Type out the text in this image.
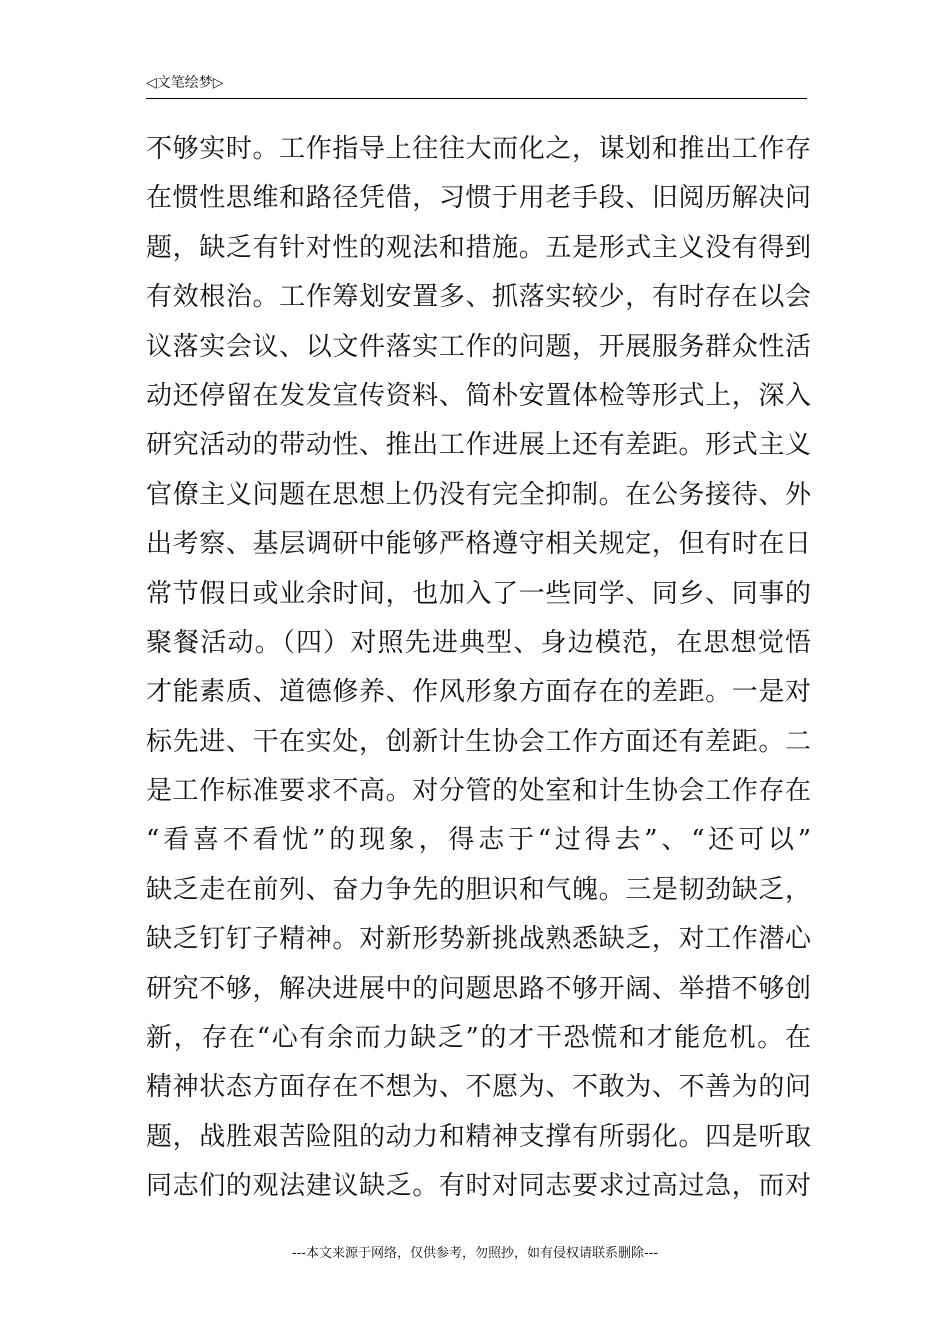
◁文笔绘梦▷
不够实时。工作指导上往往大而化之，谋划和推出工作存
在惯性思维和路径凭借，习惯于用老手段、旧阅历解决问
题，缺乏有针对性的观法和措施。五是形式主义没有得到
有效根治。工作筹划安置多、抓落实较少，有时存在以会
议落实会议、以文件落实工作的问题，开展服务群众性活
动还停留在发发宣传资料、简朴安置体检等形式上，深入
研究活动的带动性、推出工作进展上还有差距。形式主义
官僚主义问题在思想上仍没有完全抑制。在公务接待、外
出考察、基层调研中能够严格遵守相关规定，但有时在日
常节假日或业余时间，也加入了一些同学、同乡、同事的
聚餐活动。（四）对照先进典型、身边模范，在思想觉悟
才能素质、道德修养、作风形象方面存在的差距。一是对
标先进、干在实处，创新计生协会工作方面还有差距。二
是工作标准要求不高。对分管的处室和计生协会工作存在
“看喜不看忧”的现象，得志于“过得去”、“还可以”
缺乏走在前列、奋力争先的胆识和气魄。三是韧劲缺乏，
缺乏钉钉子精神。对新形势新挑战熟悉缺乏，对工作潜心
研究不够，解决进展中的问题思路不够开阔、举措不够创
新，存在“心有余而力缺乏”的才干恐慌和才能危机。在
精神状态方面存在不想为、不愿为、不敢为、不善为的问
题，战胜艰苦险阻的动力和精神支撑有所弱化。四是听取
同志们的观法建议缺乏。有时对同志要求过高过急，而对
---本文来源于网络，仅供参考，勿照抄，如有侵权请联系删除---
